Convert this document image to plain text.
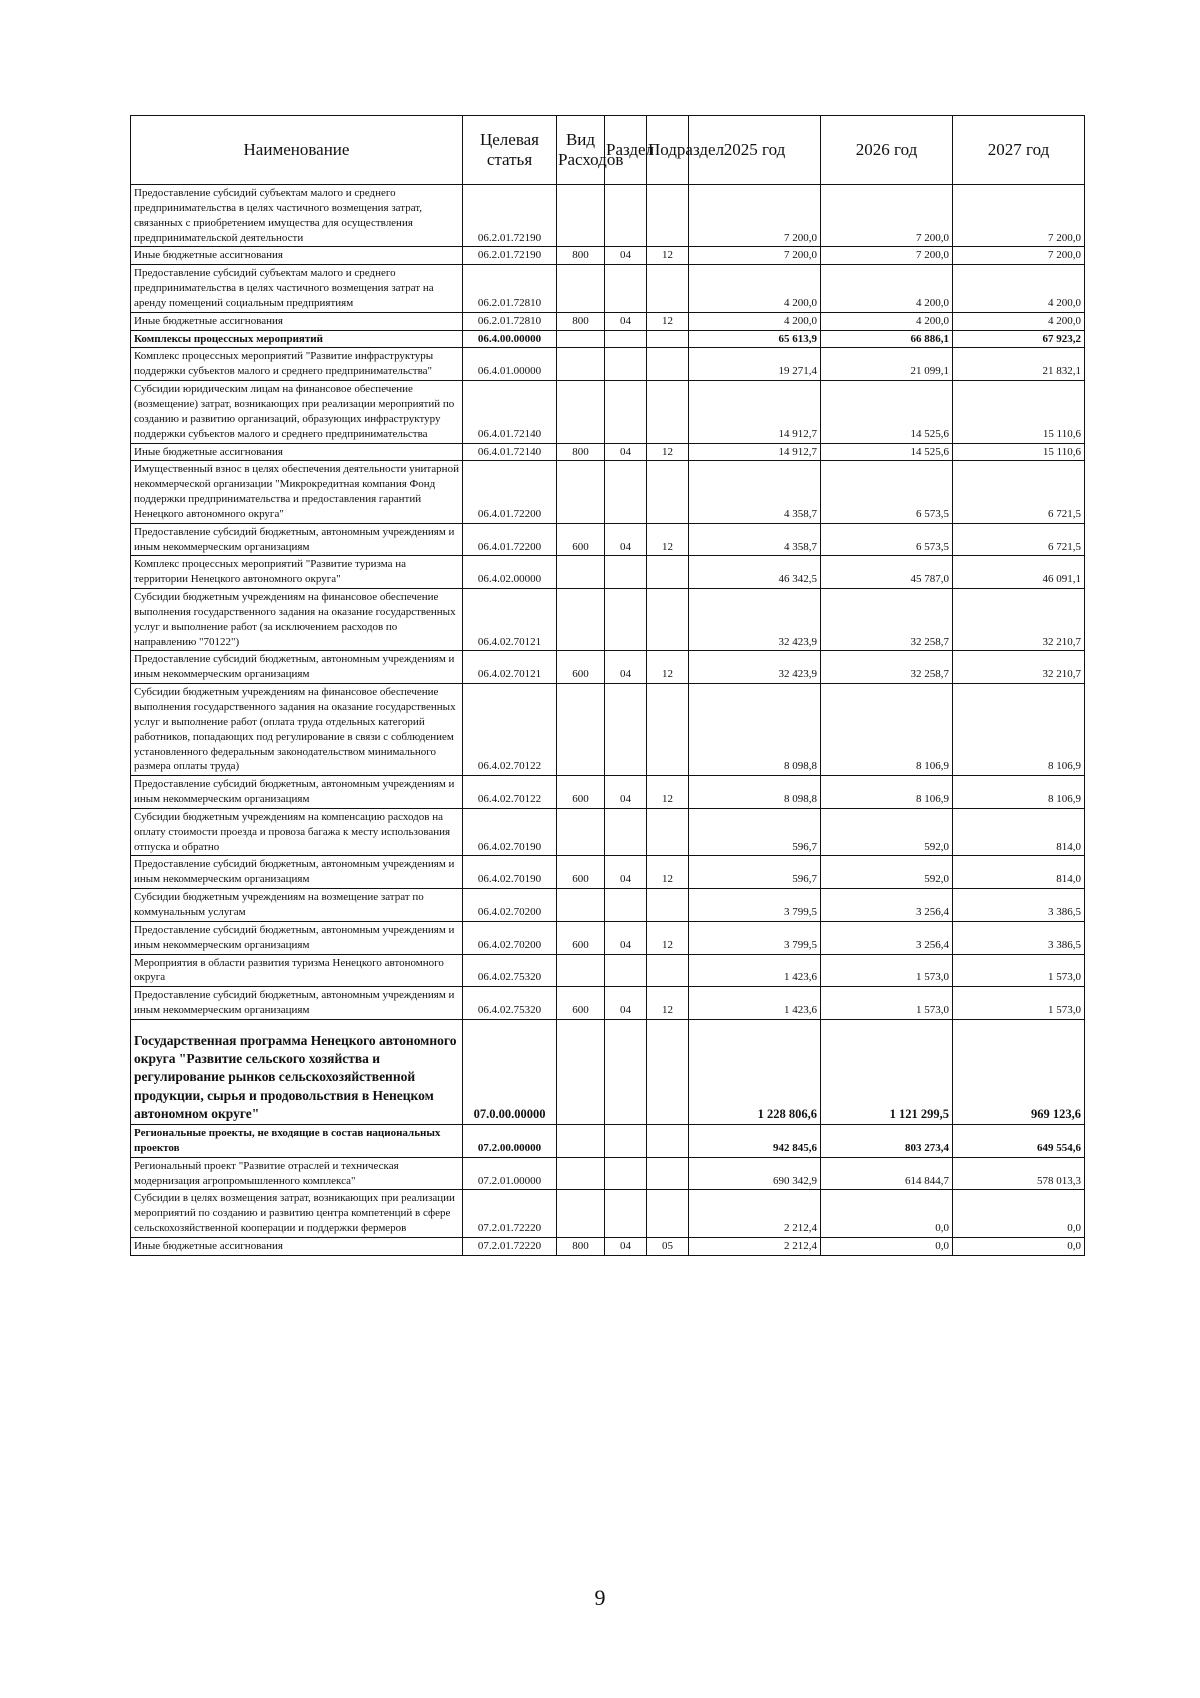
Наименование	Целевая статья	Вид Расходов	Раздел	Подраздел	2025 год	2026 год	2027 год
Предоставление субсидий субъектам малого и среднего предпринимательства в целях частичного возмещения затрат, связанных с приобретением имущества для осуществления предпринимательской деятельности	06.2.01.72190				7 200,0	7 200,0	7 200,0
Иные бюджетные ассигнования	06.2.01.72190	800	04	12	7 200,0	7 200,0	7 200,0
Предоставление субсидий субъектам малого и среднего предпринимательства в целях частичного возмещения затрат на аренду помещений социальным предприятиям	06.2.01.72810				4 200,0	4 200,0	4 200,0
Иные бюджетные ассигнования	06.2.01.72810	800	04	12	4 200,0	4 200,0	4 200,0
Комплексы процессных мероприятий	06.4.00.00000				65 613,9	66 886,1	67 923,2
Комплекс процессных мероприятий "Развитие инфраструктуры поддержки субъектов малого и среднего предпринимательства"	06.4.01.00000				19 271,4	21 099,1	21 832,1
Субсидии юридическим лицам на финансовое обеспечение (возмещение) затрат, возникающих при реализации мероприятий по созданию и развитию организаций, образующих инфраструктуру поддержки субъектов малого и среднего предпринимательства	06.4.01.72140				14 912,7	14 525,6	15 110,6
Иные бюджетные ассигнования	06.4.01.72140	800	04	12	14 912,7	14 525,6	15 110,6
Имущественный взнос в целях обеспечения деятельности унитарной некоммерческой организации "Микрокредитная компания Фонд поддержки предпринимательства и предоставления гарантий Ненецкого автономного округа"	06.4.01.72200				4 358,7	6 573,5	6 721,5
Предоставление субсидий бюджетным, автономным учреждениям и иным некоммерческим организациям	06.4.01.72200	600	04	12	4 358,7	6 573,5	6 721,5
Комплекс процессных мероприятий "Развитие туризма на территории Ненецкого автономного округа"	06.4.02.00000				46 342,5	45 787,0	46 091,1
Субсидии бюджетным учреждениям на финансовое обеспечение выполнения государственного задания на оказание государственных услуг и выполнение работ (за исключением расходов по направлению "70122")	06.4.02.70121				32 423,9	32 258,7	32 210,7
Предоставление субсидий бюджетным, автономным учреждениям и иным некоммерческим организациям	06.4.02.70121	600	04	12	32 423,9	32 258,7	32 210,7
Субсидии бюджетным учреждениям на финансовое обеспечение выполнения государственного задания на оказание государственных услуг и выполнение работ (оплата труда отдельных категорий работников, попадающих под регулирование в связи с соблюдением установленного федеральным законодательством минимального размера оплаты труда)	06.4.02.70122				8 098,8	8 106,9	8 106,9
Предоставление субсидий бюджетным, автономным учреждениям и иным некоммерческим организациям	06.4.02.70122	600	04	12	8 098,8	8 106,9	8 106,9
Субсидии бюджетным учреждениям на компенсацию расходов на оплату стоимости проезда и провоза багажа к месту использования отпуска и обратно	06.4.02.70190				596,7	592,0	814,0
Предоставление субсидий бюджетным, автономным учреждениям и иным некоммерческим организациям	06.4.02.70190	600	04	12	596,7	592,0	814,0
Субсидии бюджетным учреждениям на возмещение затрат по коммунальным услугам	06.4.02.70200				3 799,5	3 256,4	3 386,5
Предоставление субсидий бюджетным, автономным учреждениям и иным некоммерческим организациям	06.4.02.70200	600	04	12	3 799,5	3 256,4	3 386,5
Мероприятия в области развития туризма Ненецкого автономного округа	06.4.02.75320				1 423,6	1 573,0	1 573,0
Предоставление субсидий бюджетным, автономным учреждениям и иным некоммерческим организациям	06.4.02.75320	600	04	12	1 423,6	1 573,0	1 573,0
Государственная программа Ненецкого автономного округа "Развитие сельского хозяйства и регулирование рынков сельскохозяйственной продукции, сырья и продовольствия в Ненецком автономном округе"	07.0.00.00000				1 228 806,6	1 121 299,5	969 123,6
Региональные проекты, не входящие в состав национальных проектов	07.2.00.00000				942 845,6	803 273,4	649 554,6
Региональный проект "Развитие отраслей и техническая модернизация агропромышленного комплекса"	07.2.01.00000				690 342,9	614 844,7	578 013,3
Субсидии в целях возмещения затрат, возникающих при реализации мероприятий по созданию и развитию центра компетенций в сфере сельскохозяйственной кооперации и поддержки фермеров	07.2.01.72220				2 212,4	0,0	0,0
Иные бюджетные ассигнования	07.2.01.72220	800	04	05	2 212,4	0,0	0,0
9
